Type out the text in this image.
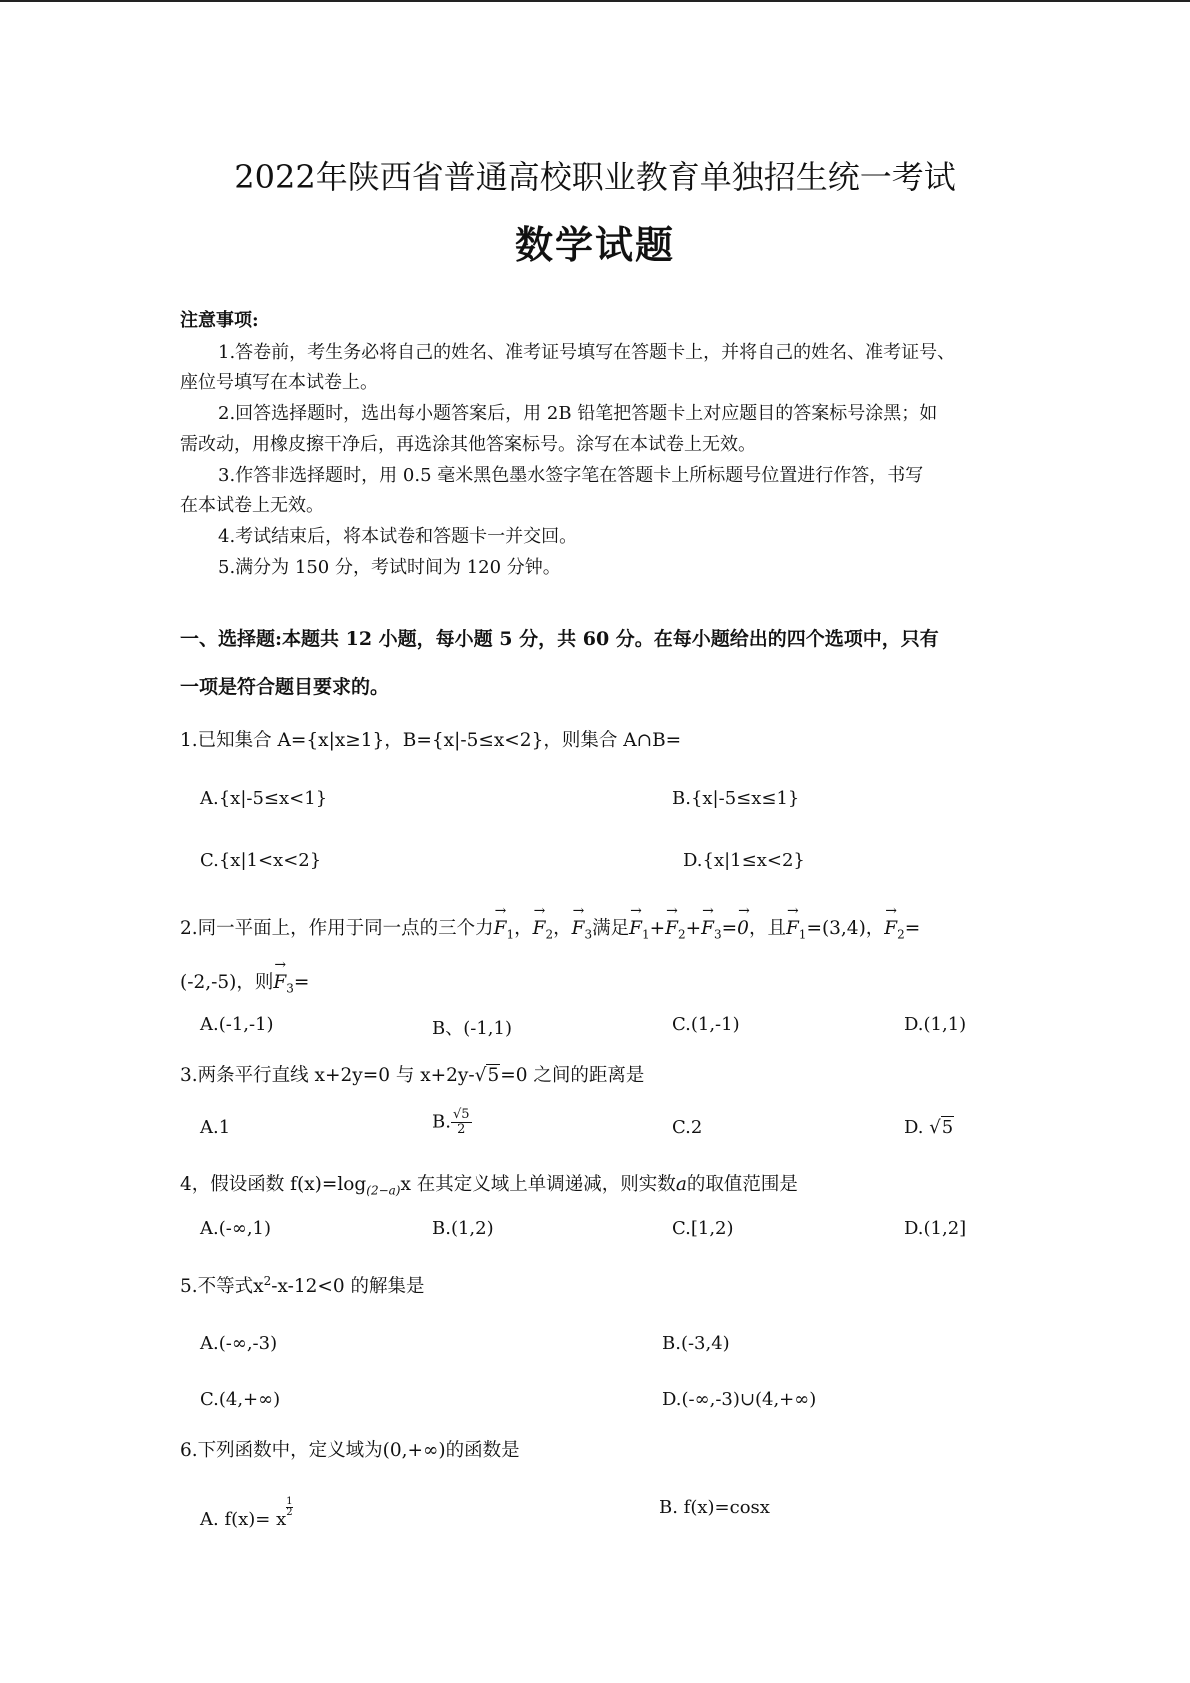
2022年陕西省普通高校职业教育单独招生统一考试
数学试题
注意事项:
1.答卷前，考生务必将自己的姓名、准考证号填写在答题卡上，并将自己的姓名、准考证号、
座位号填写在本试卷上。
2.回答选择题时，选出每小题答案后，用 2B 铅笔把答题卡上对应题目的答案标号涂黑；如
需改动，用橡皮擦干净后，再选涂其他答案标号。涂写在本试卷上无效。
3.作答非选择题时，用 0.5 毫米黑色墨水签字笔在答题卡上所标题号位置进行作答，书写
在本试卷上无效。
4.考试结束后，将本试卷和答题卡一并交回。
5.满分为 150 分，考试时间为 120 分钟。
一、选择题:本题共 12 小题，每小题 5 分，共 60 分。在每小题给出的四个选项中，只有
一项是符合题目要求的。
1.已知集合 A={x|x≥1}，B={x|-5≤x<2}，则集合 A∩B=
A.{x|-5≤x<1}	B.{x|-5≤x≤1}
C.{x|1<x<2}	D.{x|1≤x<2}
2.同一平面上，作用于同一点的三个力→ $F_1$，→ $F_2$，→ $F_3$满足→ $F_1+\to F_2+\to F_3=\to 0$，且→ $F_1=(3,4)$，→ $F_2=$
(-2,-5)，则→ $F_3=$
A.(-1,-1)	B、(-1,1)	C.(1,-1)	D.(1,1)
3.两条平行直线 x+2y=0 与 x+2y-√5=0 之间的距离是
A.1	B. $\frac{√5}{2}$	C.2	D. √5
4，假设函数 $f(x)=\log_{(2-a)}x$ 在其定义域上单调递减，则实数a的取值范围是
A.(-∞,1)	B.(1,2)	C.[1,2)	D.(1,2]
5.不等式$x^2-x-12<0$ 的解集是
A.(-∞,-3)	B.(-3,4)
C.(4,+∞)	D.(-∞,-3)∪(4,+∞)
6.下列函数中，定义域为(0,+∞)的函数是
A. f(x)= x
$\frac{1}{2}$	B. f(x)=cosx
